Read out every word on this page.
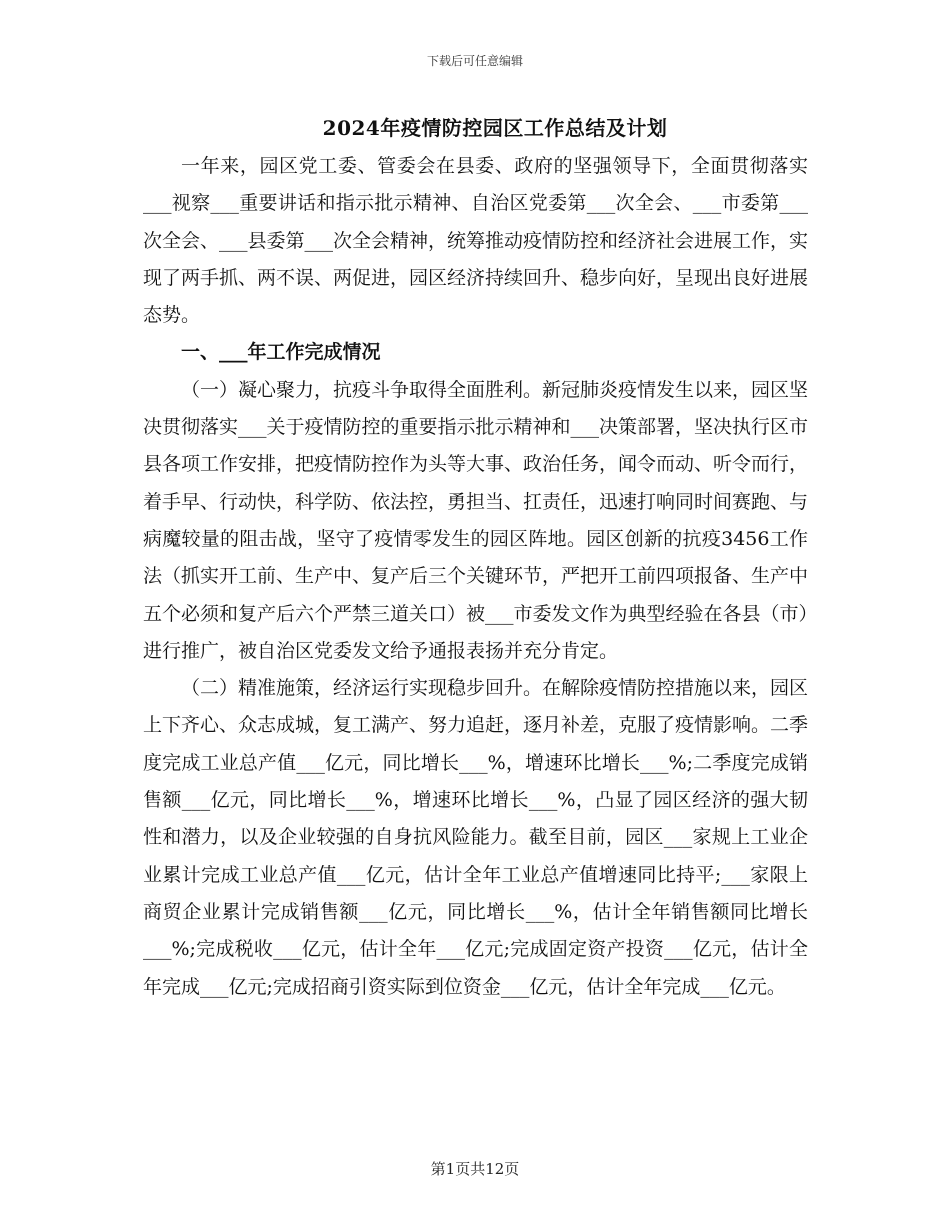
下载后可任意编辑
2024年疫情防控园区工作总结及计划

一年来，园区党工委、管委会在县委、政府的坚强领导下，全面贯彻落实___视察___重要讲话和指示批示精神、自治区党委第___次全会、___市委第___次全会、___县委第___次全会精神，统筹推动疫情防控和经济社会进展工作，实现了两手抓、两不误、两促进，园区经济持续回升、稳步向好，呈现出良好进展态势。

一、___年工作完成情况

（一）凝心聚力，抗疫斗争取得全面胜利。新冠肺炎疫情发生以来，园区坚决贯彻落实___关于疫情防控的重要指示批示精神和___决策部署，坚决执行区市县各项工作安排，把疫情防控作为头等大事、政治任务，闻令而动、听令而行，着手早、行动快，科学防、依法控，勇担当、扛责任，迅速打响同时间赛跑、与病魔较量的阻击战，坚守了疫情零发生的园区阵地。园区创新的抗疫3456工作法（抓实开工前、生产中、复产后三个关键环节，严把开工前四项报备、生产中五个必须和复产后六个严禁三道关口）被___市委发文作为典型经验在各县（市）进行推广，被自治区党委发文给予通报表扬并充分肯定。

（二）精准施策，经济运行实现稳步回升。在解除疫情防控措施以来，园区上下齐心、众志成城，复工满产、努力追赶，逐月补差，克服了疫情影响。二季度完成工业总产值___亿元，同比增长___%，增速环比增长___%;二季度完成销售额___亿元，同比增长___%，增速环比增长___%，凸显了园区经济的强大韧性和潜力，以及企业较强的自身抗风险能力。截至目前，园区___家规上工业企业累计完成工业总产值___亿元，估计全年工业总产值增速同比持平;___家限上商贸企业累计完成销售额___亿元，同比增长___%，估计全年销售额同比增长___%;完成税收___亿元，估计全年___亿元;完成固定资产投资___亿元，估计全年完成___亿元;完成招商引资实际到位资金___亿元，估计全年完成___亿元。

第1页共12页
